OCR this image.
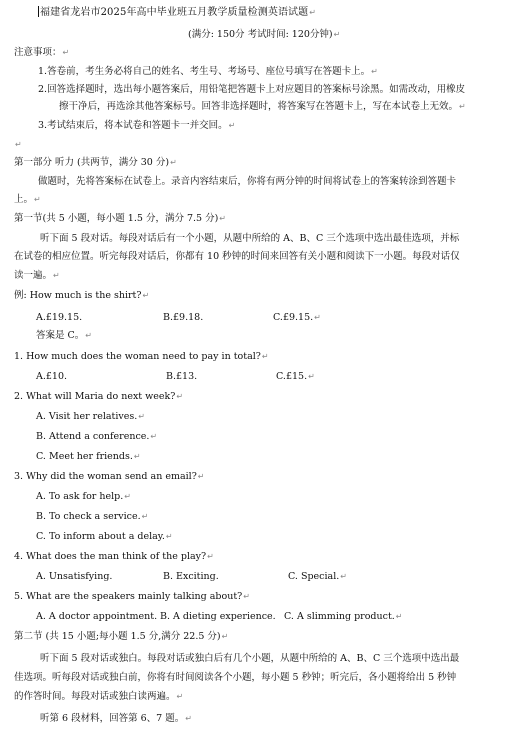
福建省龙岩市2025年高中毕业班五月教学质量检测英语试题↵
(满分: 150分 考试时间: 120分钟)↵
注意事项：↵
1.答卷前，考生务必将自己的姓名、考生号、考场号、座位号填写在答题卡上。↵
2.回答选择题时，选出每小题答案后，用铅笔把答题卡上对应题目的答案标号涂黑。如需改动，用橡皮
擦干净后，再选涂其他答案标号。回答非选择题时，将答案写在答题卡上，写在本试卷上无效。↵
3.考试结束后，将本试卷和答题卡一并交回。↵
↵
第一部分 听力 (共两节，满分 30 分)↵
做题时，先将答案标在试卷上。录音内容结束后，你将有两分钟的时间将试卷上的答案转涂到答题卡
上。↵
第一节(共 5 小题，每小题 1.5 分，满分 7.5 分)↵
听下面 5 段对话。每段对话后有一个小题，从题中所给的 A、B、C 三个选项中选出最佳选项，并标
在试卷的相应位置。听完每段对话后，你都有 10 秒钟的时间来回答有关小题和阅读下一小题。每段对话仅
读一遍。↵
例: How much is the shirt?↵
A.£19.15.	B.£9.18.	C.£9.15.↵
答案是 C。↵
1. How much does the woman need to pay in total?↵
A.£10.	B.£13.	C.£15.↵
2. What will Maria do next week?↵
A. Visit her relatives.↵
B. Attend a conference.↵
C. Meet her friends.↵
3. Why did the woman send an email?↵
A. To ask for help.↵
B. To check a service.↵
C. To inform about a delay.↵
4. What does the man think of the play?↵
A. Unsatisfying.	B. Exciting.	C. Special.↵
5. What are the speakers mainly talking about?↵
A. A doctor appointment. B. A dieting experience. C. A slimming product.↵
第二节 (共 15 小题;每小题 1.5 分,满分 22.5 分)↵
听下面 5 段对话或独白。每段对话或独白后有几个小题，从题中所给的 A、B、C 三个选项中选出最
佳选项。听每段对话或独白前，你将有时间阅读各个小题，每小题 5 秒钟；听完后，各小题将给出 5 秒钟
的作答时间。每段对话或独白读两遍。↵
听第 6 段材料，回答第 6、7 题。↵
